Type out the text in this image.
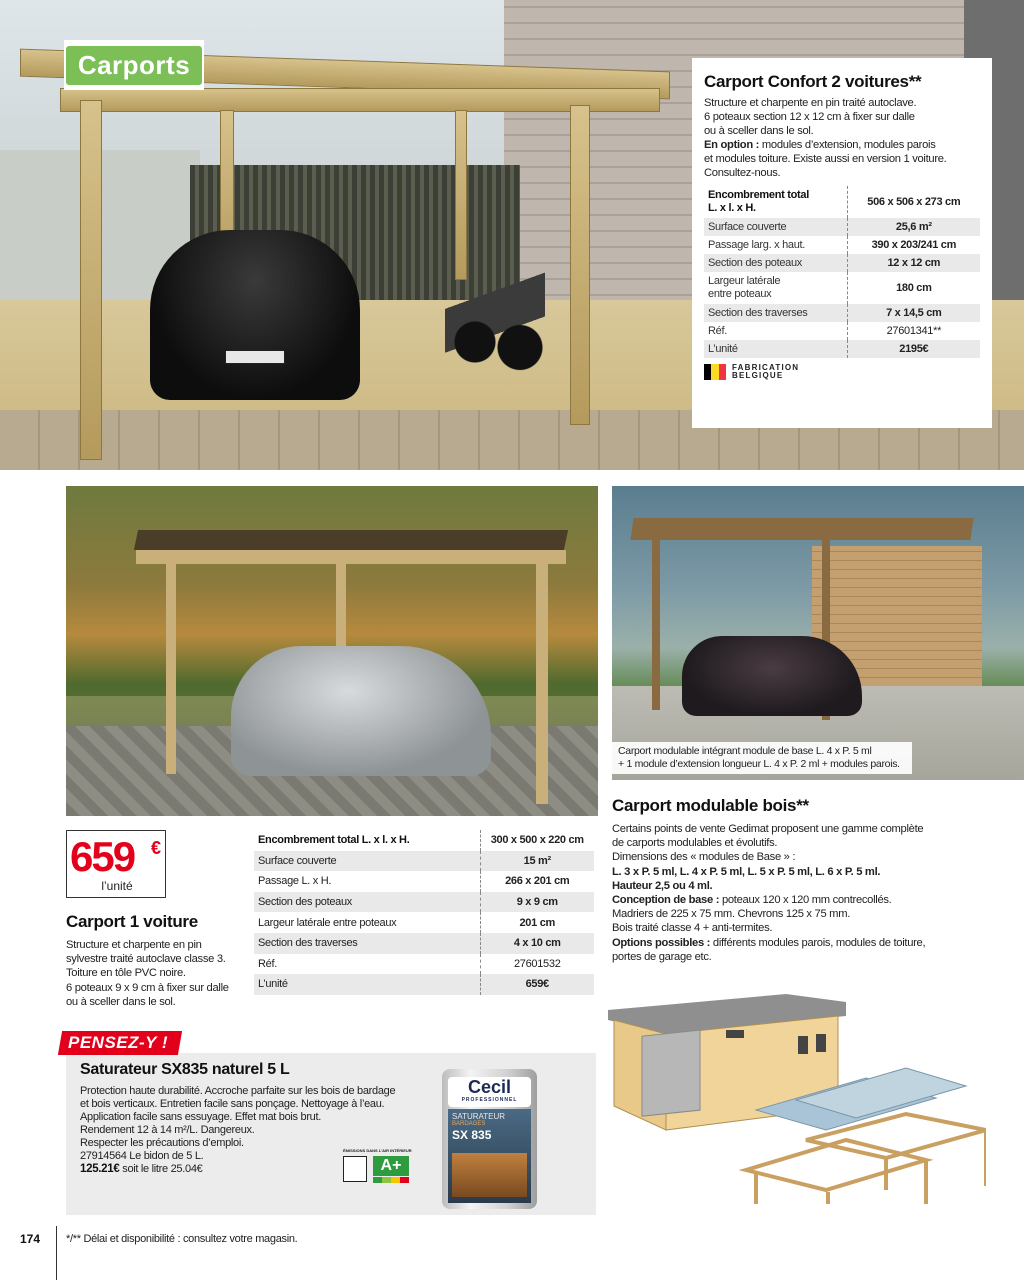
Carports
Carport Confort 2 voitures**
Structure et charpente en pin traité autoclave.
6 poteaux section 12 x 12 cm à fixer sur dalle
ou à sceller dans le sol.
En option : modules d’extension, modules parois
et modules toiture. Existe aussi en version 1 voiture.
Consultez-nous.
Encombrement total
L. x l. x H.	506 x 506 x 273 cm
Surface couverte	25,6 m²
Passage larg. x haut.	390 x 203/241 cm
Section des poteaux	12 x 12 cm
Largeur latérale
entre poteaux	180 cm
Section des traverses	7 x 14,5 cm
Réf.	27601341**
L’unité	2195€
FABRICATION
BELGIQUE
Carport modulable intégrant module de base L. 4 x P. 5 ml
+ 1 module d’extension longueur L. 4 x P. 2 ml + modules parois.
659 €
l’unité
Carport 1 voiture
Structure et charpente en pin
sylvestre traité autoclave classe 3.
Toiture en tôle PVC noire.
6 poteaux 9 x 9 cm à fixer sur dalle
ou à sceller dans le sol.
Encombrement total L. x l. x H.	300 x 500 x 220 cm
Surface couverte	15 m²
Passage L. x H.	266 x 201 cm
Section des poteaux	9 x 9 cm
Largeur latérale entre poteaux	201 cm
Section des traverses	4 x 10 cm
Réf.	27601532
L’unité	659€
Carport modulable bois**
Certains points de vente Gedimat proposent une gamme complète
de carports modulables et évolutifs.
Dimensions des « modules de Base » :
L. 3 x P. 5 ml, L. 4 x P. 5 ml, L. 5 x P. 5 ml, L. 6 x P. 5 ml.
Hauteur 2,5 ou 4 ml.
Conception de base : poteaux 120 x 120 mm contrecollés.
Madriers de 225 x 75 mm. Chevrons 125 x 75 mm.
Bois traité classe 4 + anti-termites.
Options possibles : différents modules parois, modules de toiture,
portes de garage etc.
Saturateur SX835 naturel 5 L
Protection haute durabilité. Accroche parfaite sur les bois de bardage
et bois verticaux. Entretien facile sans ponçage. Nettoyage à l’eau.
Application facile sans essuyage. Effet mat bois brut.
Rendement 12 à 14 m²/L. Dangereux.
Respecter les précautions d’emploi.
27914564 Le bidon de 5 L.
125.21€ soit le litre 25.04€
ÉMISSIONS DANS L’AIR INTÉRIEUR
A+
Cecil
PROFESSIONNEL
SATURATEUR
BARDAGES
SX 835
PENSEZ-Y !
174 */** Délai et disponibilité : consultez votre magasin.
